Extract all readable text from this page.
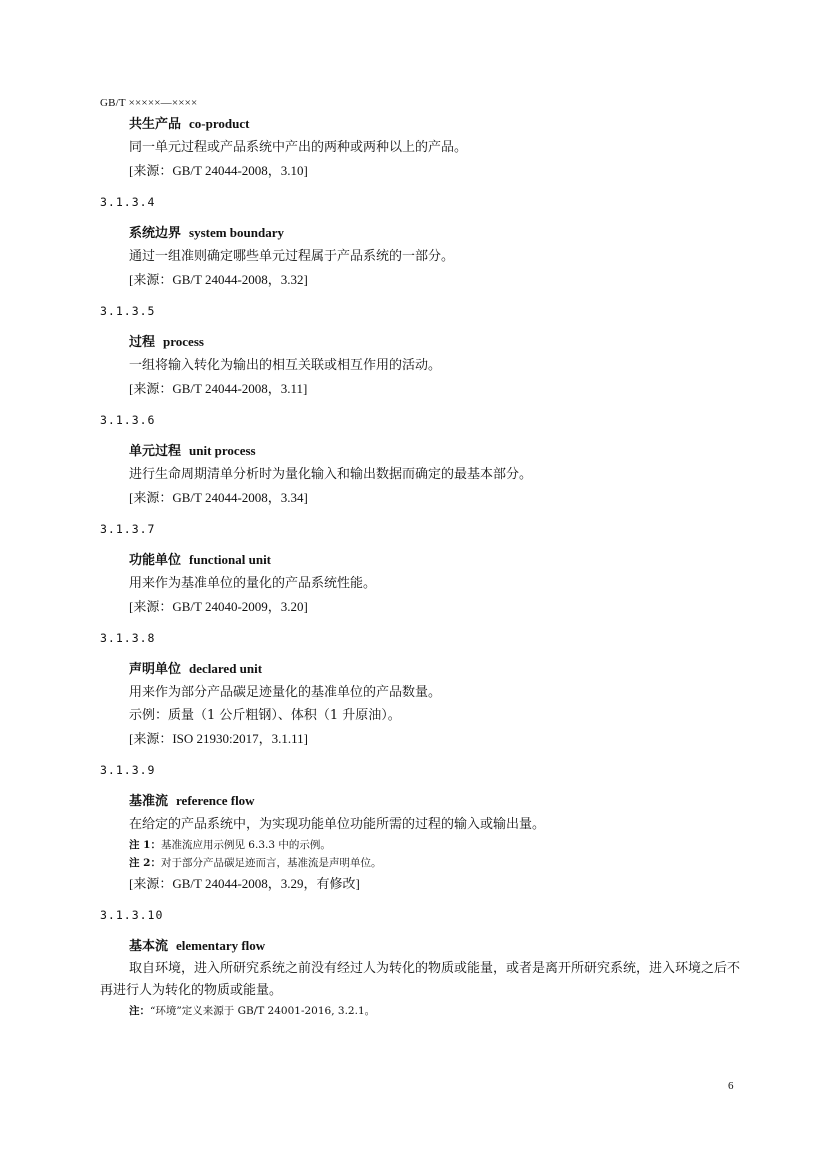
GB/T ×××××—××××
共生产品 co-product
同一单元过程或产品系统中产出的两种或两种以上的产品。
[来源：GB/T 24044-2008，3.10]
3.1.3.4
系统边界 system boundary
通过一组准则确定哪些单元过程属于产品系统的一部分。
[来源：GB/T 24044-2008，3.32]
3.1.3.5
过程 process
一组将输入转化为输出的相互关联或相互作用的活动。
[来源：GB/T 24044-2008，3.11]
3.1.3.6
单元过程 unit process
进行生命周期清单分析时为量化输入和输出数据而确定的最基本部分。
[来源：GB/T 24044-2008，3.34]
3.1.3.7
功能单位 functional unit
用来作为基准单位的量化的产品系统性能。
[来源：GB/T 24040-2009，3.20]
3.1.3.8
声明单位 declared unit
用来作为部分产品碳足迹量化的基准单位的产品数量。
示例：质量（1 公斤粗钢）、体积（1 升原油）。
[来源：ISO 21930:2017，3.1.11]
3.1.3.9
基准流 reference flow
在给定的产品系统中，为实现功能单位功能所需的过程的输入或输出量。
注 1：基准流应用示例见 6.3.3 中的示例。
注 2：对于部分产品碳足迹而言，基准流是声明单位。
[来源：GB/T 24044-2008，3.29，有修改]
3.1.3.10
基本流 elementary flow
取自环境，进入所研究系统之前没有经过人为转化的物质或能量，或者是离开所研究系统，进入环境之后不再进行人为转化的物质或能量。
注：“环境”定义来源于 GB/T 24001-2016, 3.2.1。
6
